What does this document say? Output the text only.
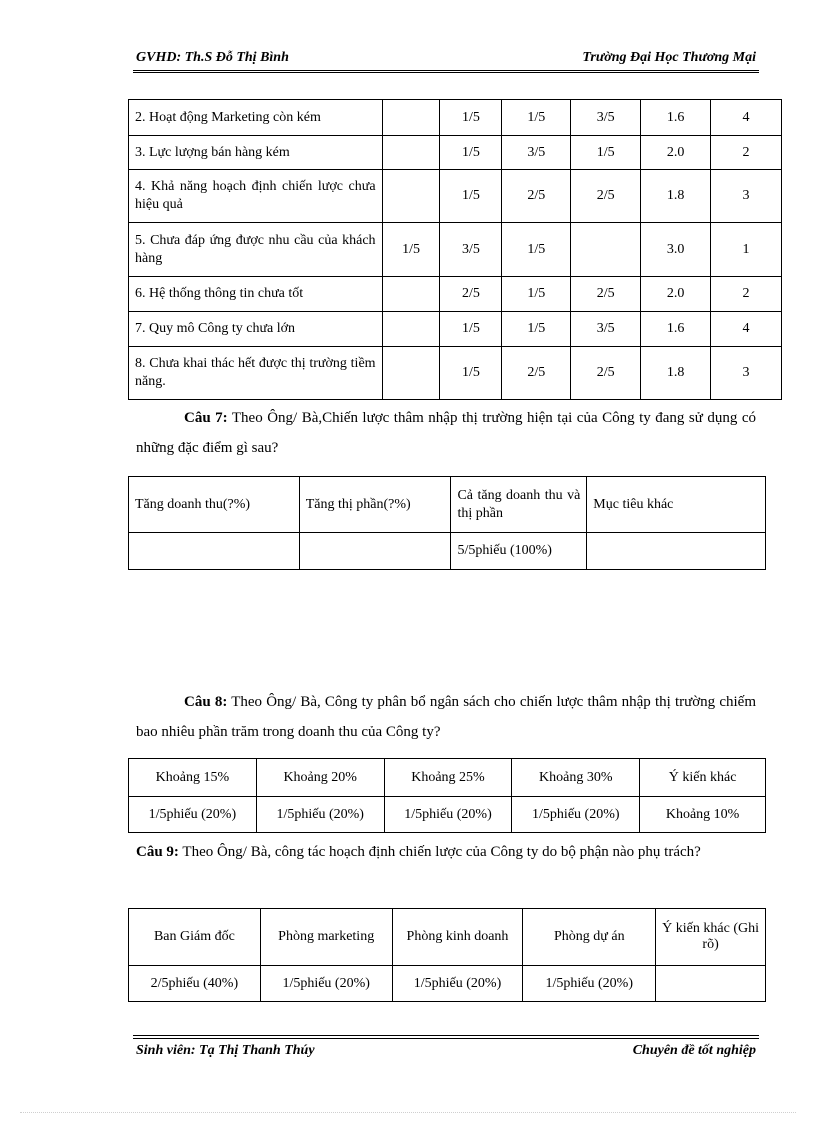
GVHD: Th.S Đỗ Thị Bình	Trường Đại Học Thương Mại
2. Hoạt động Marketing còn kém		1/5	1/5	3/5	1.6	4
3. Lực lượng bán hàng kém		1/5	3/5	1/5	2.0	2
4. Khả năng hoạch định chiến lược chưa hiệu quả		1/5	2/5	2/5	1.8	3
5. Chưa đáp ứng được nhu cầu của khách hàng	1/5	3/5	1/5		3.0	1
6. Hệ thống thông tin chưa tốt		2/5	1/5	2/5	2.0	2
7. Quy mô Công ty chưa lớn		1/5	1/5	3/5	1.6	4
8. Chưa khai thác hết được thị trường tiềm năng.		1/5	2/5	2/5	1.8	3
Câu 7: Theo Ông/ Bà,Chiến lược thâm nhập thị trường hiện tại của Công ty đang sử dụng có những đặc điểm gì sau?
Tăng doanh thu(?%)	Tăng thị phần(?%)	Cả tăng doanh thu và thị phần	Mục tiêu khác
		5/5phiếu (100%)	
Câu 8: Theo Ông/ Bà, Công ty phân bổ ngân sách cho chiến lược thâm nhập thị trường chiếm bao nhiêu phần trăm trong doanh thu của Công ty?
Khoảng 15%	Khoảng 20%	Khoảng 25%	Khoảng 30%	Ý kiến khác
1/5phiếu (20%)	1/5phiếu (20%)	1/5phiếu (20%)	1/5phiếu (20%)	Khoảng 10%
Câu 9: Theo Ông/ Bà, công tác hoạch định chiến lược của Công ty do bộ phận nào phụ trách?
Ban Giám đốc	Phòng marketing	Phòng kinh doanh	Phòng dự án	Ý kiến khác (Ghi rõ)
2/5phiếu (40%)	1/5phiếu (20%)	1/5phiếu (20%)	1/5phiếu (20%)	
Sinh viên: Tạ Thị Thanh Thúy	Chuyên đề tốt nghiệp
